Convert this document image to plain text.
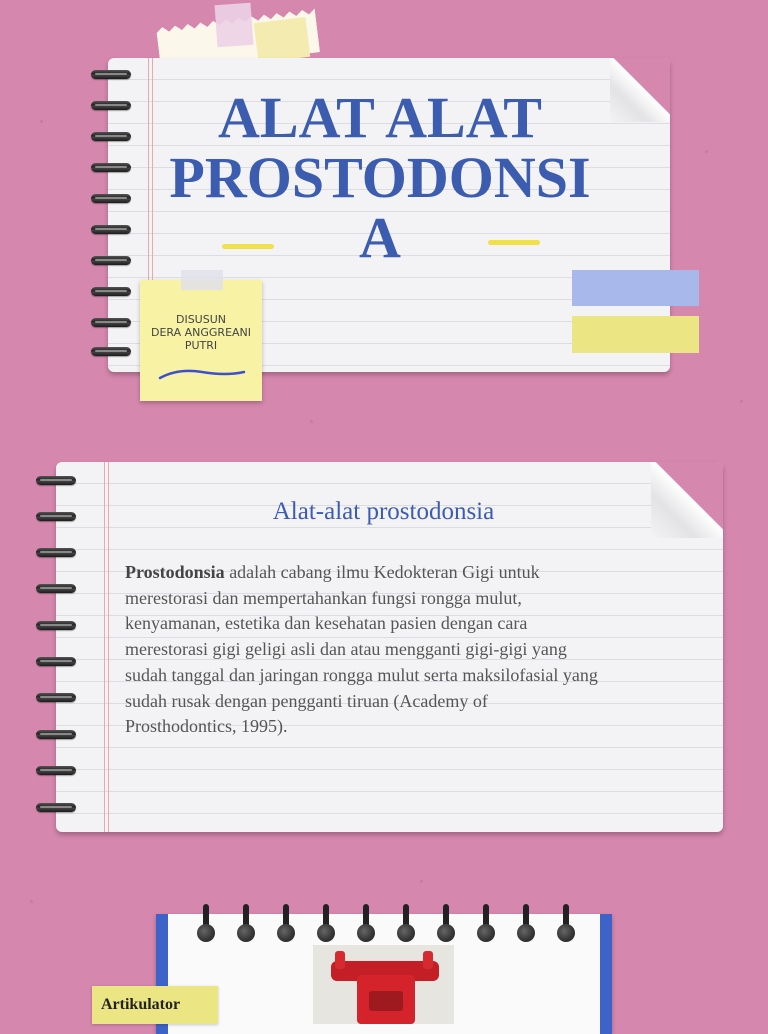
ALAT ALAT
PROSTODONSI
A
DISUSUN
DERA ANGGREANI
PUTRI
Alat-alat prostodonsia
Prostodonsia adalah cabang ilmu Kedokteran Gigi untuk
merestorasi dan mempertahankan fungsi rongga mulut,
kenyamanan, estetika dan kesehatan pasien dengan cara
merestorasi gigi geligi asli dan atau mengganti gigi-gigi yang
sudah tanggal dan jaringan rongga mulut serta maksilofasial yang
sudah rusak dengan pengganti tiruan (Academy of
Prosthodontics, 1995).
Artikulator
